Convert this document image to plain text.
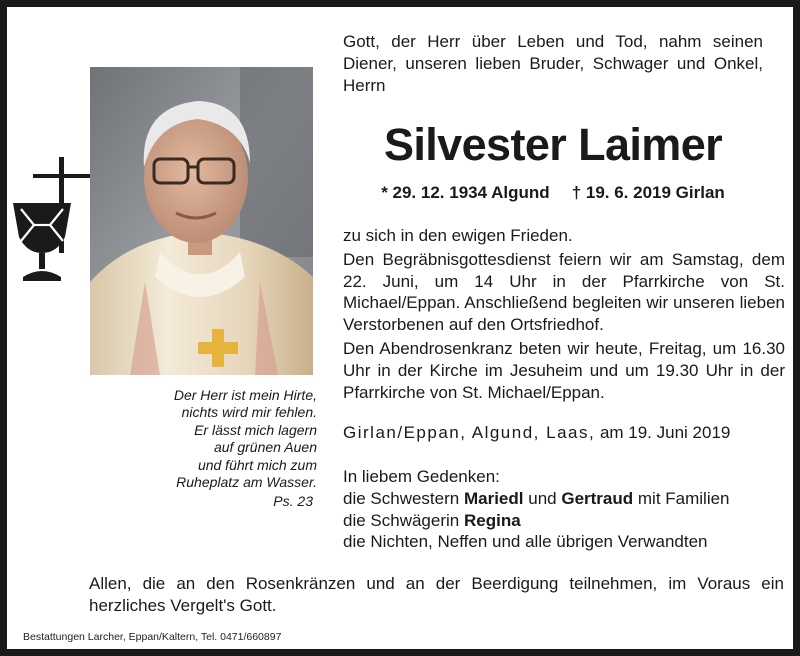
Der Herr ist mein Hirte,

nichts wird mir fehlen.

Er lässt mich lagern

auf grünen Auen

und führt mich zum

Ruheplatz am Wasser.

Ps. 23

Gott, der Herr über Leben und Tod, nahm seinen Diener, unseren lieben Bruder, Schwager und Onkel, Herrn
Silvester Laimer
* 29. 12. 1934 Algund † 19. 6. 2019 Girlan

zu sich in den ewigen Frieden.

Den Begräbnisgottesdienst feiern wir am Samstag, dem 22. Juni, um 14 Uhr in der Pfarrkirche von St. Michael/Eppan. Anschließend begleiten wir unseren lieben Verstorbenen auf den Ortsfriedhof.

Den Abendrosenkranz beten wir heute, Freitag, um 16.30 Uhr in der Kirche im Jesuheim und um 19.30 Uhr in der Pfarrkirche von St. Michael/Eppan.

Girlan/Eppan, Algund, Laas, am 19. Juni 2019

In liebem Gedenken:

die Schwestern Mariedl und Gertraud mit Familien

die Schwägerin Regina

die Nichten, Neffen und alle übrigen Verwandten

Allen, die an den Rosenkränzen und an der Beerdigung teilnehmen, im Voraus ein herzliches Vergelt's Gott.
Bestattungen Larcher, Eppan/Kaltern, Tel. 0471/660897
